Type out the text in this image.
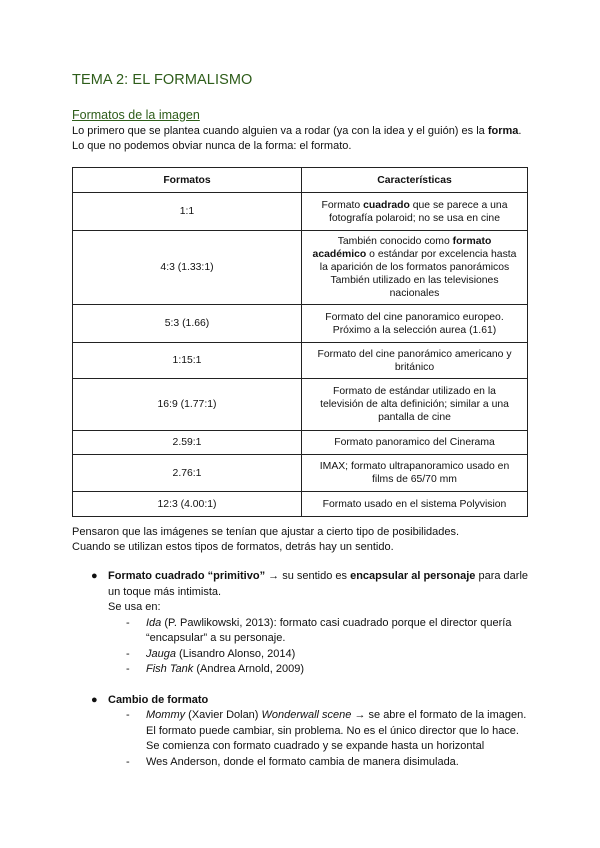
TEMA 2: EL FORMALISMO
Formatos de la imagen
Lo primero que se plantea cuando alguien va a rodar (ya con la idea y el guión) es la forma.
Lo que no podemos obviar nunca de la forma: el formato.
Formatos	Características
1:1	Formato cuadrado que se parece a una fotografía polaroid; no se usa en cine
4:3 (1.33:1)	También conocido como formato académico o estándar por excelencia hasta la aparición de los formatos panorámicos También utilizado en las televisiones nacionales
5:3 (1.66)	Formato del cine panoramico europeo. Próximo a la selección aurea (1.61)
1:15:1	Formato del cine panorámico americano y británico
16:9 (1.77:1)	Formato de estándar utilizado en la televisión de alta definición; similar a una pantalla de cine
2.59:1	Formato panoramico del Cinerama
2.76:1	IMAX; formato ultrapanoramico usado en films de 65/70 mm
12:3 (4.00:1)	Formato usado en el sistema Polyvision
Pensaron que las imágenes se tenían que ajustar a cierto tipo de posibilidades.
Cuando se utilizan estos tipos de formatos, detrás hay un sentido.
● Formato cuadrado “primitivo” → su sentido es encapsular al personaje para darle un toque más intimista.
Se usa en:
- Ida (P. Pawlikowski, 2013): formato casi cuadrado porque el director quería “encapsular” a su personaje.
- Jauga (Lisandro Alonso, 2014)
- Fish Tank (Andrea Arnold, 2009)
● Cambio de formato
- Mommy (Xavier Dolan) Wonderwall scene → se abre el formato de la imagen. El formato puede cambiar, sin problema. No es el único director que lo hace. Se comienza con formato cuadrado y se expande hasta un horizontal
- Wes Anderson, donde el formato cambia de manera disimulada.
